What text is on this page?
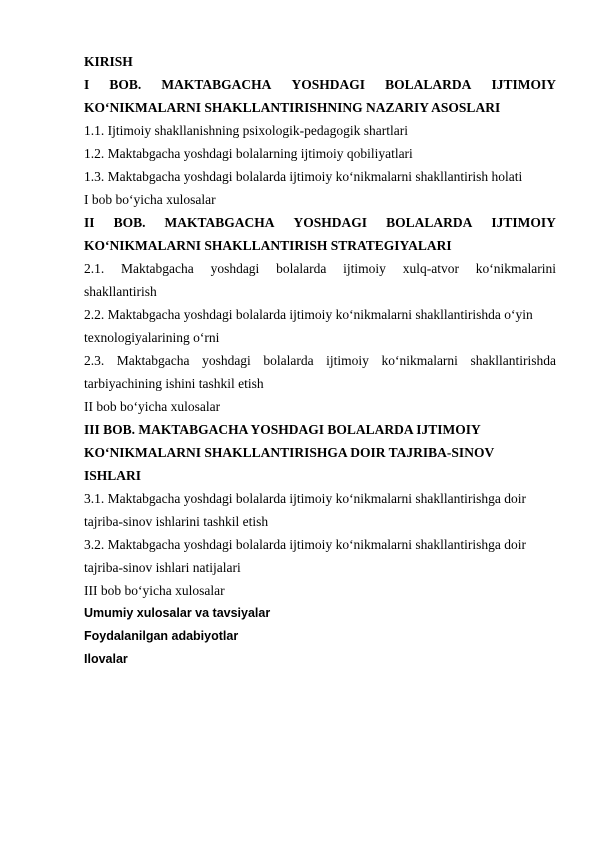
KIRISH
I BOB. MAKTABGACHA YOSHDAGI BOLALARDA IJTIMOIY
KO‘NIKMALARNI SHAKLLANTIRISHNING NAZARIY ASOSLARI
1.1. Ijtimoiy shakllanishning psixologik-pedagogik shartlari
1.2. Maktabgacha yoshdagi bolalarning ijtimoiy qobiliyatlari
1.3. Maktabgacha yoshdagi bolalarda ijtimoiy ko‘nikmalarni shakllantirish holati
I bob bo‘yicha xulosalar
II BOB. MAKTABGACHA YOSHDAGI BOLALARDA IJTIMOIY
KO‘NIKMALARNI SHAKLLANTIRISH STRATEGIYALARI
2.1. Maktabgacha yoshdagi bolalarda ijtimoiy xulq-atvor ko‘nikmalarini
shakllantirish
2.2. Maktabgacha yoshdagi bolalarda ijtimoiy ko‘nikmalarni shakllantirishda o‘yin
texnologiyalarining o‘rni
2.3. Maktabgacha yoshdagi bolalarda ijtimoiy ko‘nikmalarni shakllantirishda
tarbiyachining ishini tashkil etish
II bob bo‘yicha xulosalar
III BOB. MAKTABGACHA YOSHDAGI BOLALARDA IJTIMOIY
KO‘NIKMALARNI SHAKLLANTIRISHGA DOIR TAJRIBA-SINOV
ISHLARI
3.1. Maktabgacha yoshdagi bolalarda ijtimoiy ko‘nikmalarni shakllantirishga doir
tajriba-sinov ishlarini tashkil etish
3.2. Maktabgacha yoshdagi bolalarda ijtimoiy ko‘nikmalarni shakllantirishga doir
tajriba-sinov ishlari natijalari
III bob bo‘yicha xulosalar
Umumiy xulosalar va tavsiyalar
Foydalanilgan adabiyotlar
Ilovalar
